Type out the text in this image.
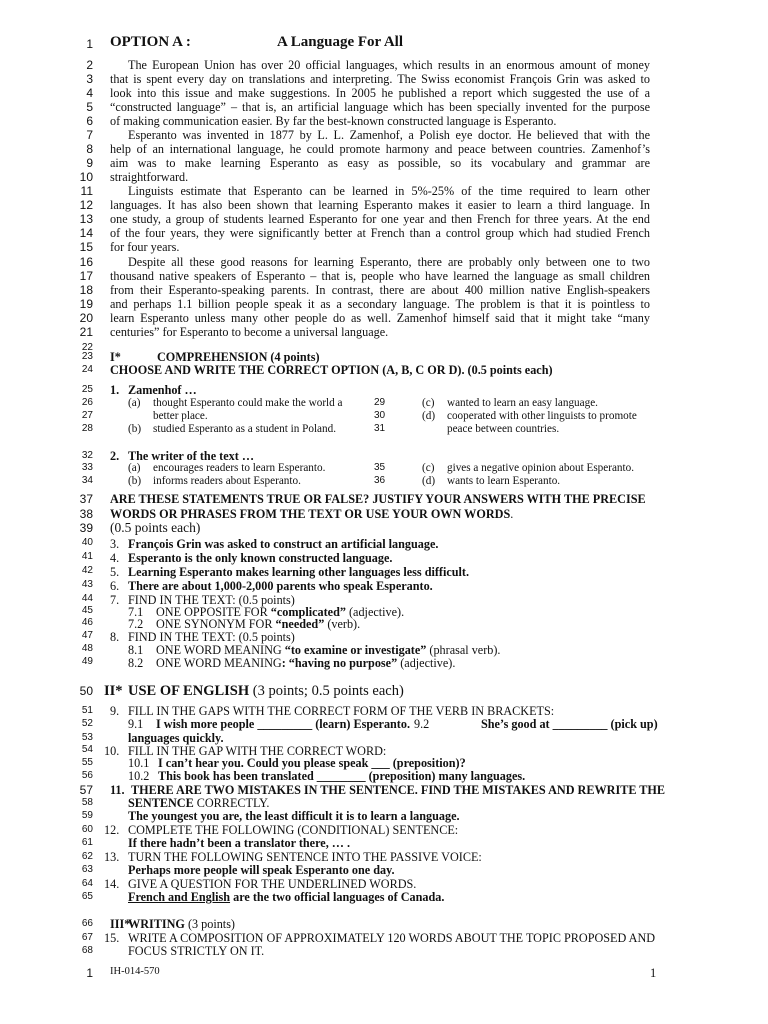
1 OPTION A :	A Language For All
The European Union has over 20 official languages, which results in an enormous amount of money
that is spent every day on translations and interpreting. The Swiss economist François Grin was asked to
look into this issue and make suggestions. In 2005 he published a report which suggested the use of a
“constructed language” – that is, an artificial language which has been specially invented for the purpose
of making communication easier. By far the best-known constructed language is Esperanto.
Esperanto was invented in 1877 by L. L. Zamenhof, a Polish eye doctor. He believed that with the
help of an international language, he could promote harmony and peace between countries. Zamenhof’s
aim was to make learning Esperanto as easy as possible, so its vocabulary and grammar are
straightforward.
Linguists estimate that Esperanto can be learned in 5%-25% of the time required to learn other
languages. It has also been shown that learning Esperanto makes it easier to learn a third language. In
one study, a group of students learned Esperanto for one year and then French for three years. At the end
of the four years, they were significantly better at French than a control group which had studied French
for four years.
Despite all these good reasons for learning Esperanto, there are probably only between one to two
thousand native speakers of Esperanto – that is, people who have learned the language as small children
from their Esperanto-speaking parents. In contrast, there are about 400 million native English-speakers
and perhaps 1.1 billion people speak it as a secondary language. The problem is that it is pointless to
learn Esperanto unless many other people do as well. Zamenhof himself said that it might take “many
centuries” for Esperanto to become a universal language.
I*	COMPREHENSION (4 points)
CHOOSE AND WRITE THE CORRECT OPTION (A, B, C OR D). (0.5 points each)
1. Zamenhof …
(a) thought Esperanto could make the world a
better place.
(b) studied Esperanto as a student in Poland.
(c) wanted to learn an easy language.
(d) cooperated with other linguists to promote
peace between countries.
2. The writer of the text …
(a) encourages readers to learn Esperanto.
(b) informs readers about Esperanto.
(c) gives a negative opinion about Esperanto.
(d) wants to learn Esperanto.
ARE THESE STATEMENTS TRUE OR FALSE? JUSTIFY YOUR ANSWERS WITH THE PRECISE
WORDS OR PHRASES FROM THE TEXT OR USE YOUR OWN WORDS.
(0.5 points each)
3. François Grin was asked to construct an artificial language.
4. Esperanto is the only known constructed language.
5. Learning Esperanto makes learning other languages less difficult.
6. There are about 1,000-2,000 parents who speak Esperanto.
7. FIND IN THE TEXT: (0.5 points)
7.1 ONE OPPOSITE FOR “complicated” (adjective).
7.2 ONE SYNONYM FOR “needed” (verb).
8. FIND IN THE TEXT: (0.5 points)
8.1 ONE WORD MEANING “to examine or investigate” (phrasal verb).
8.2 ONE WORD MEANING: “having no purpose” (adjective).
II* USE OF ENGLISH (3 points; 0.5 points each)
9. FILL IN THE GAPS WITH THE CORRECT FORM OF THE VERB IN BRACKETS:
9.1 I wish more people _________ (learn) Esperanto. 9.2	She’s good at _________ (pick up)
languages quickly.
10. FILL IN THE GAP WITH THE CORRECT WORD:
10.1 I can’t hear you. Could you please speak ___ (preposition)?
10.2 This book has been translated ________ (preposition) many languages.
11. THERE ARE TWO MISTAKES IN THE SENTENCE. FIND THE MISTAKES AND REWRITE THE
SENTENCE CORRECTLY.
The youngest you are, the least difficult it is to learn a language.
12. COMPLETE THE FOLLOWING (CONDITIONAL) SENTENCE:
If there hadn’t been a translator there, … .
13. TURN THE FOLLOWING SENTENCE INTO THE PASSIVE VOICE:
Perhaps more people will speak Esperanto one day.
14. GIVE A QUESTION FOR THE UNDERLINED WORDS.
French and English are the two official languages of Canada.
III*
WRITING (3 points)
15. WRITE A COMPOSITION OF APPROXIMATELY 120 WORDS ABOUT THE TOPIC PROPOSED AND
FOCUS STRICTLY ON IT.
IH-014-570	1
2
3
4
5
6
7
8
9
10
11
12
13
14
15
16
17
18
19
20
21
22
23
24
25
26
27
28
29
30
31
32
33
34
35
36
37
38
39
40
41
42
43
44
45
46
47
48
49
50
51
52
53
54
55
56
57
58
59
60
61
62
63
64
65
66
67
68
1
